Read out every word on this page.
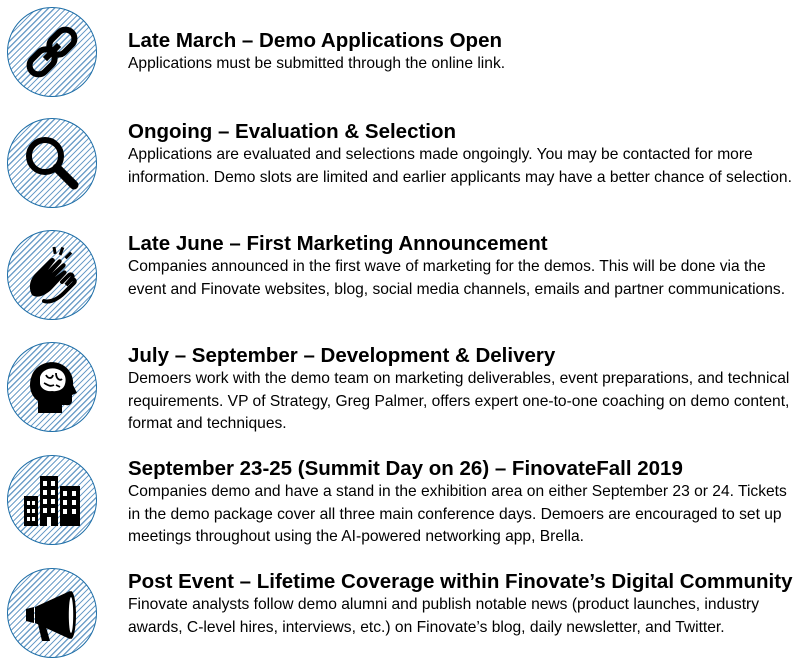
Late March – Demo Applications Open

Applications must be submitted through the online link.

Ongoing – Evaluation & Selection

Applications are evaluated and selections made ongoingly. You may be contacted for more information. Demo slots are limited and earlier applicants may have a better chance of selection.

Late June – First Marketing Announcement

Companies announced in the first wave of marketing for the demos. This will be done via the event and Finovate websites, blog, social media channels, emails and partner communications.

July – September – Development & Delivery

Demoers work with the demo team on marketing deliverables, event preparations, and technical requirements. VP of Strategy, Greg Palmer, offers expert one-to-one coaching on demo content, format and techniques.

September 23-25 (Summit Day on 26) – FinovateFall 2019

Companies demo and have a stand in the exhibition area on either September 23 or 24. Tickets in the demo package cover all three main conference days. Demoers are encouraged to set up meetings throughout using the AI-powered networking app, Brella.

Post Event – Lifetime Coverage within Finovate’s Digital Community

Finovate analysts follow demo alumni and publish notable news (product launches, industry awards, C-level hires, interviews, etc.) on Finovate’s blog, daily newsletter, and Twitter.
